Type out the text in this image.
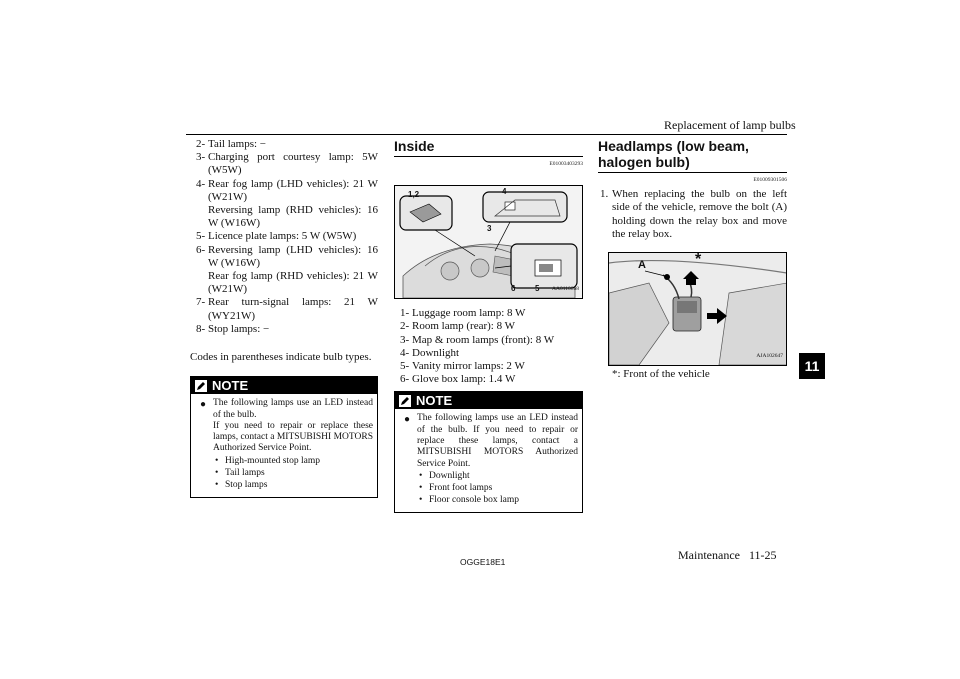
Replacement of lamp bulbs
11
2- Tail lamps: −
3- Charging port courtesy lamp: 5W (W5W)
4- Rear fog lamp (LHD vehicles): 21 W (W21W)
Reversing lamp (RHD vehicles): 16 W (W16W)
5- Licence plate lamps: 5 W (W5W)
6- Reversing lamp (LHD vehicles): 16 W (W16W)
Rear fog lamp (RHD vehicles): 21 W (W21W)
7- Rear turn-signal lamps: 21 W (WY21W)
8- Stop lamps: −
Codes in parentheses indicate bulb types.
NOTE
● The following lamps use an LED instead of the bulb.
If you need to repair or replace these lamps, contact a MITSUBISHI MOTORS Authorized Service Point.
• High-mounted stop lamp
• Tail lamps
• Stop lamps
Inside
E01003403293
1,2	4
3
6 5 AA0110868
1- Luggage room lamp: 8 W
2- Room lamp (rear): 8 W
3- Map & room lamps (front): 8 W
4- Downlight
5- Vanity mirror lamps: 2 W
6- Glove box lamp: 1.4 W
NOTE
● The following lamps use an LED instead of the bulb. If you need to repair or replace these lamps, contact a MITSUBISHI MOTORS Authorized Service Point.
• Downlight
• Front foot lamps
• Floor console box lamp
Headlamps (low beam, halogen bulb)
E01009301506
1. When replacing the bulb on the left side of the vehicle, remove the bolt (A) holding down the relay box and move the relay box.
A	*
AJA102647
*: Front of the vehicle
OGGE18E1	Maintenance 11-25
